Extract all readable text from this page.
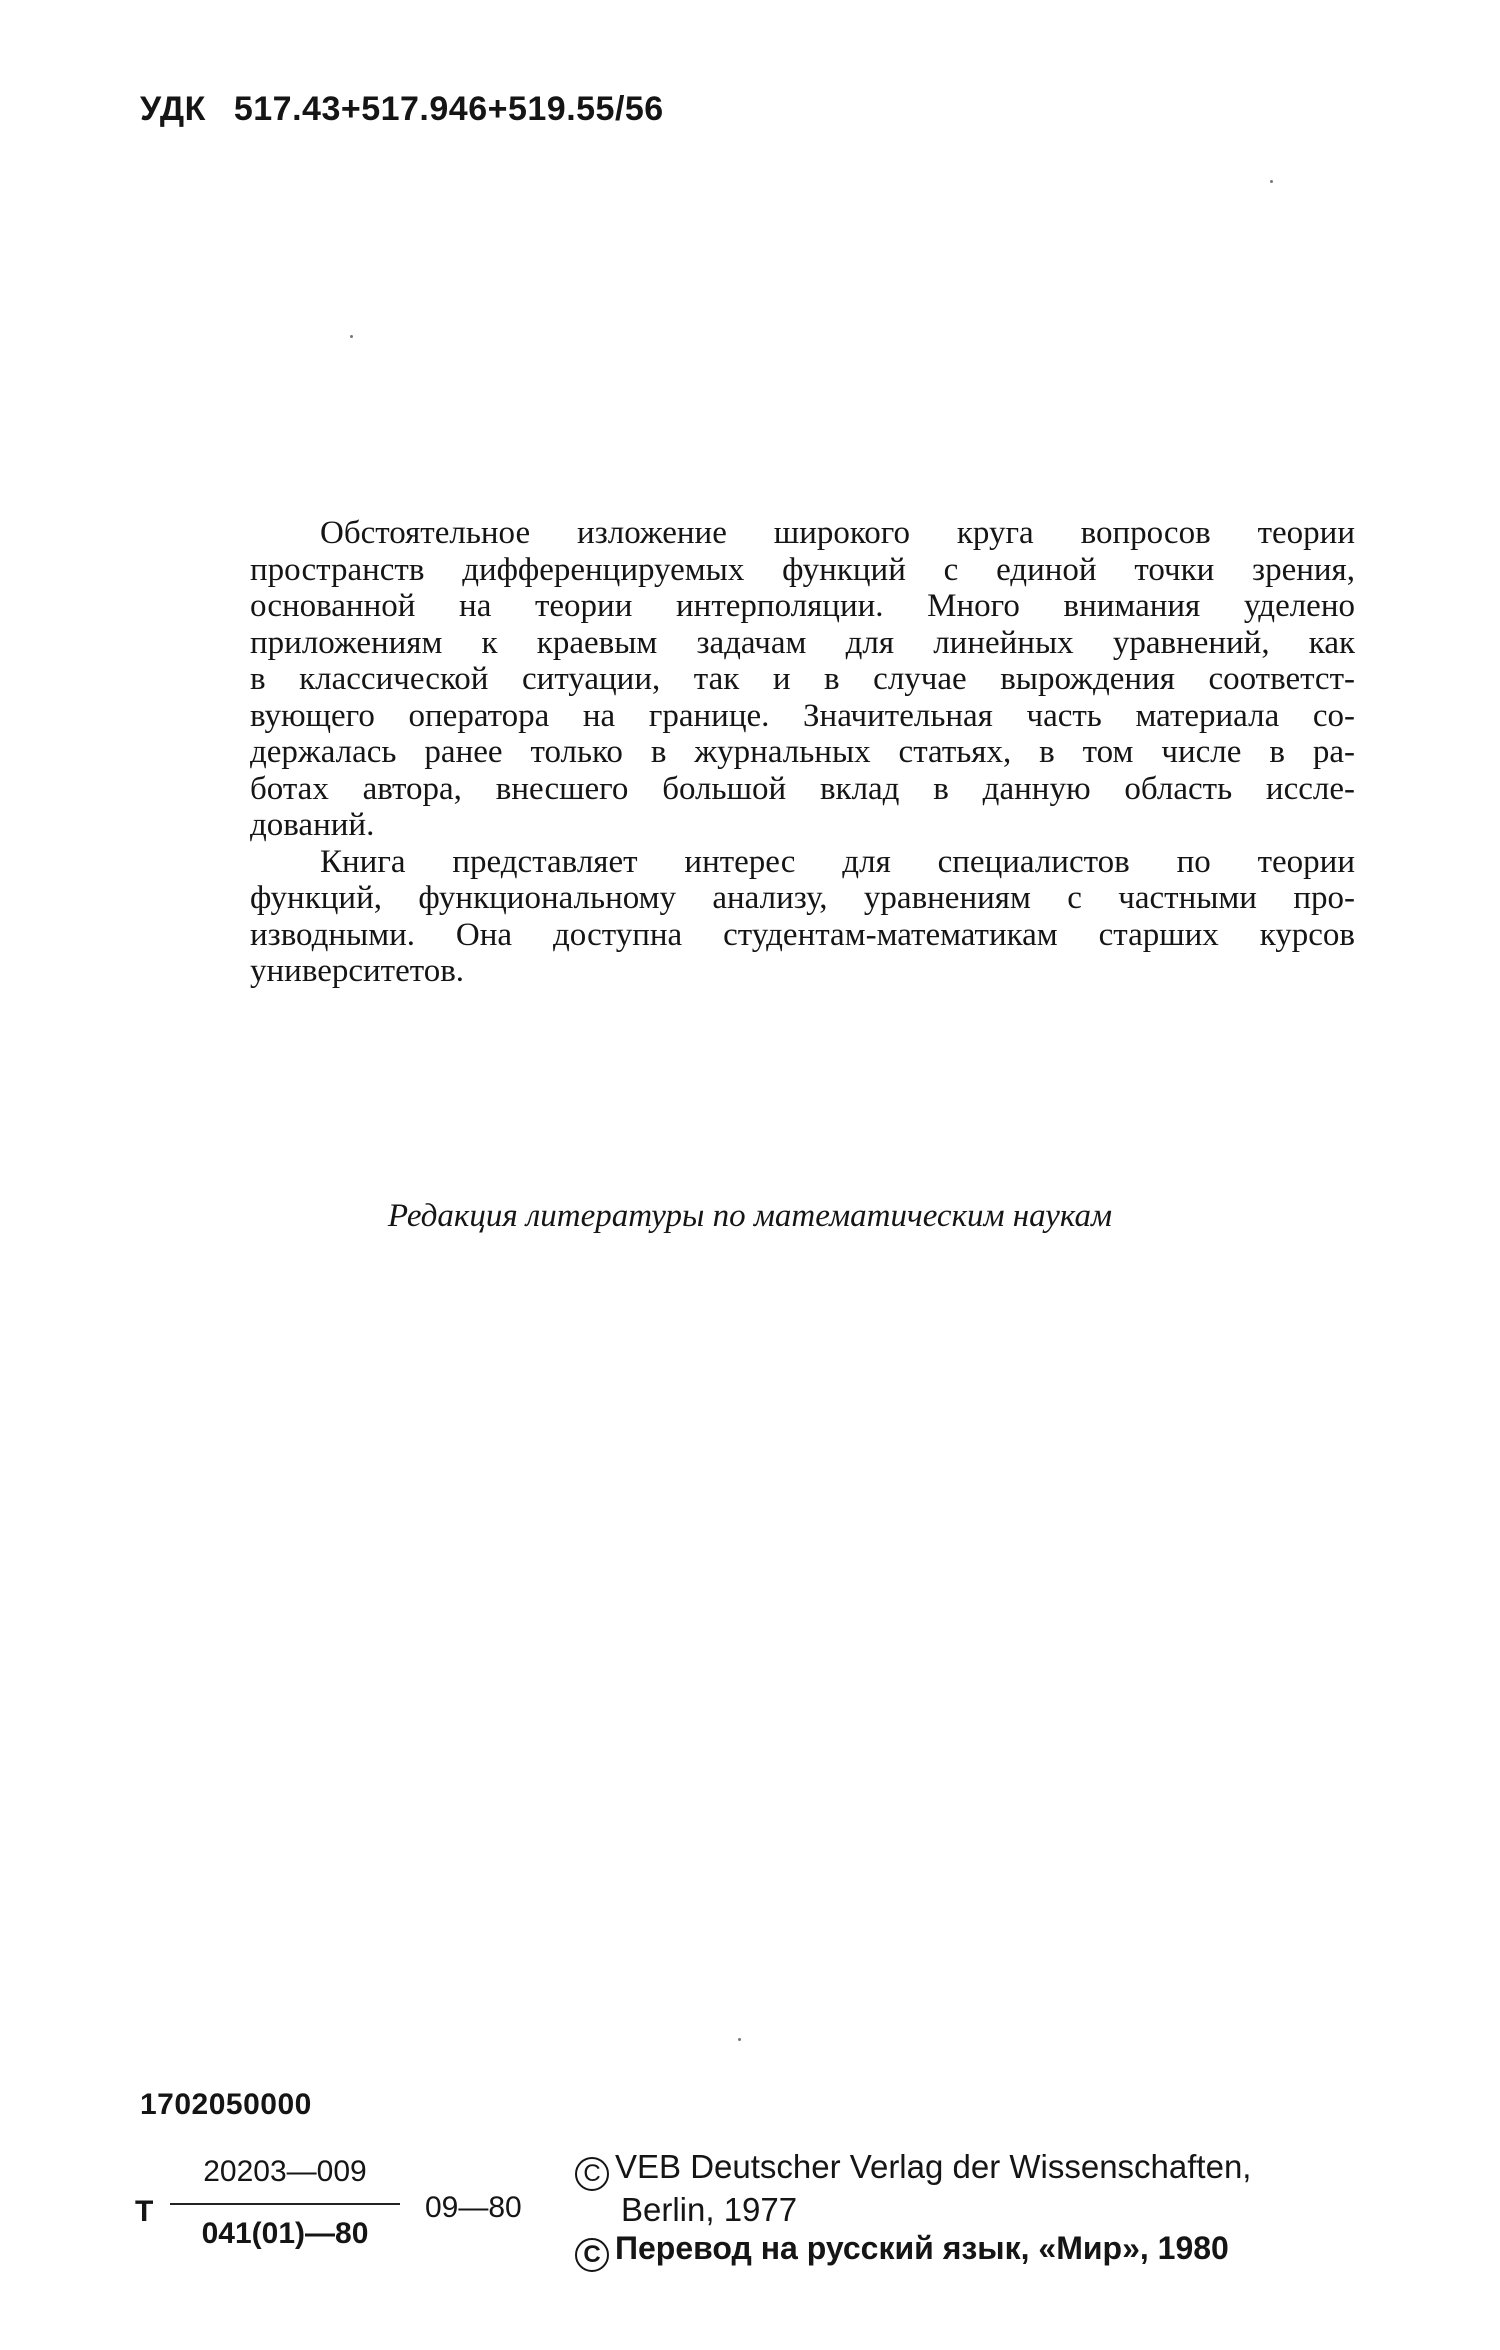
УДК 517.43+517.946+519.55/56
Обстоятельное изложение широкого круга вопросов теории
пространств дифференцируемых функций с единой точки зрения,
основанной на теории интерполяции. Много внимания уделено
приложениям к краевым задачам для линейных уравнений, как
в классической ситуации, так и в случае вырождения соответст-
вующего оператора на границе. Значительная часть материала со-
держалась ранее только в журнальных статьях, в том числе в ра-
ботах автора, внесшего большой вклад в данную область иссле-
дований.
Книга представляет интерес для специалистов по теории
функций, функциональному анализу, уравнениям с частными про-
изводными. Она доступна студентам-математикам старших курсов
университетов.
Редакция литературы по математическим наукам
1702050000
Т
20203—009
041(01)—80
09—80
C VEB Deutscher Verlag der Wissenschaften,
Berlin, 1977
C Перевод на русский язык, «Мир», 1980
